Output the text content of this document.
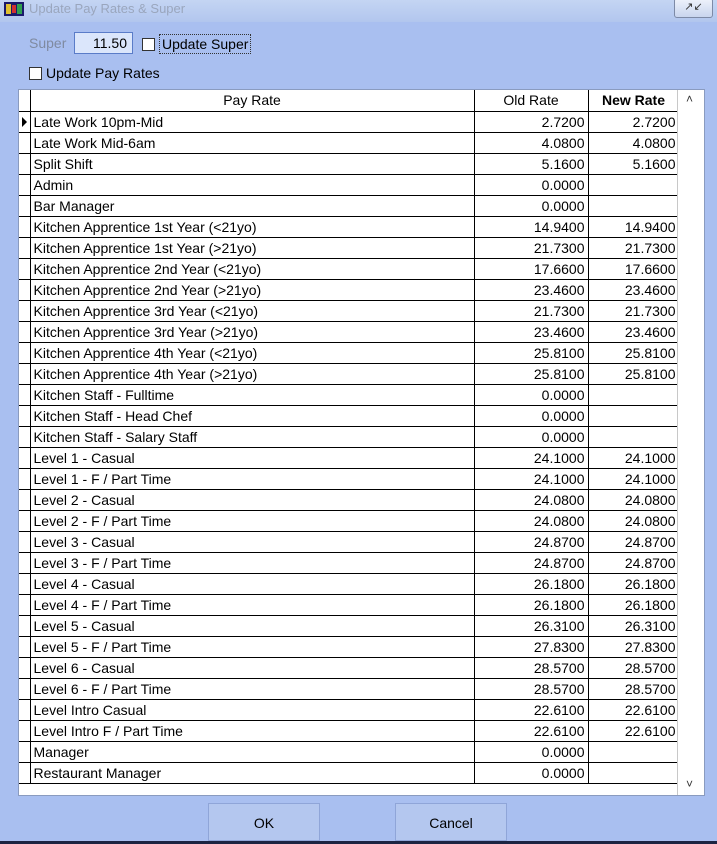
Update Pay Rates & Super	↗↙
Super	11.50	Update Super
Update Pay Rates
	Pay Rate	Old Rate	New Rate

	Late Work 10pm-Mid	2.7200	2.7200
	Late Work Mid-6am	4.0800	4.0800
	Split Shift	5.1600	5.1600
	Admin	0.0000	
	Bar Manager	0.0000	
	Kitchen Apprentice 1st Year (<21yo)	14.9400	14.9400
	Kitchen Apprentice 1st Year (>21yo)	21.7300	21.7300
	Kitchen Apprentice 2nd Year (<21yo)	17.6600	17.6600
	Kitchen Apprentice 2nd Year (>21yo)	23.4600	23.4600
	Kitchen Apprentice 3rd Year (<21yo)	21.7300	21.7300
	Kitchen Apprentice 3rd Year (>21yo)	23.4600	23.4600
	Kitchen Apprentice 4th Year (<21yo)	25.8100	25.8100
	Kitchen Apprentice 4th Year (>21yo)	25.8100	25.8100
	Kitchen Staff - Fulltime	0.0000	
	Kitchen Staff - Head Chef	0.0000	
	Kitchen Staff - Salary Staff	0.0000	
	Level 1 - Casual	24.1000	24.1000
	Level 1 - F / Part Time	24.1000	24.1000
	Level 2 - Casual	24.0800	24.0800
	Level 2 - F / Part Time	24.0800	24.0800
	Level 3 - Casual	24.8700	24.8700
	Level 3 - F / Part Time	24.8700	24.8700
	Level 4 - Casual	26.1800	26.1800
	Level 4 - F / Part Time	26.1800	26.1800
	Level 5 - Casual	26.3100	26.3100
	Level 5 - F / Part Time	27.8300	27.8300
	Level 6 - Casual	28.5700	28.5700
	Level 6 - F / Part Time	28.5700	28.5700
	Level Intro Casual	22.6100	22.6100
	Level Intro F / Part Time	22.6100	22.6100
	Manager	0.0000	
	Restaurant Manager	0.0000	
˄
˅
OK	Cancel
